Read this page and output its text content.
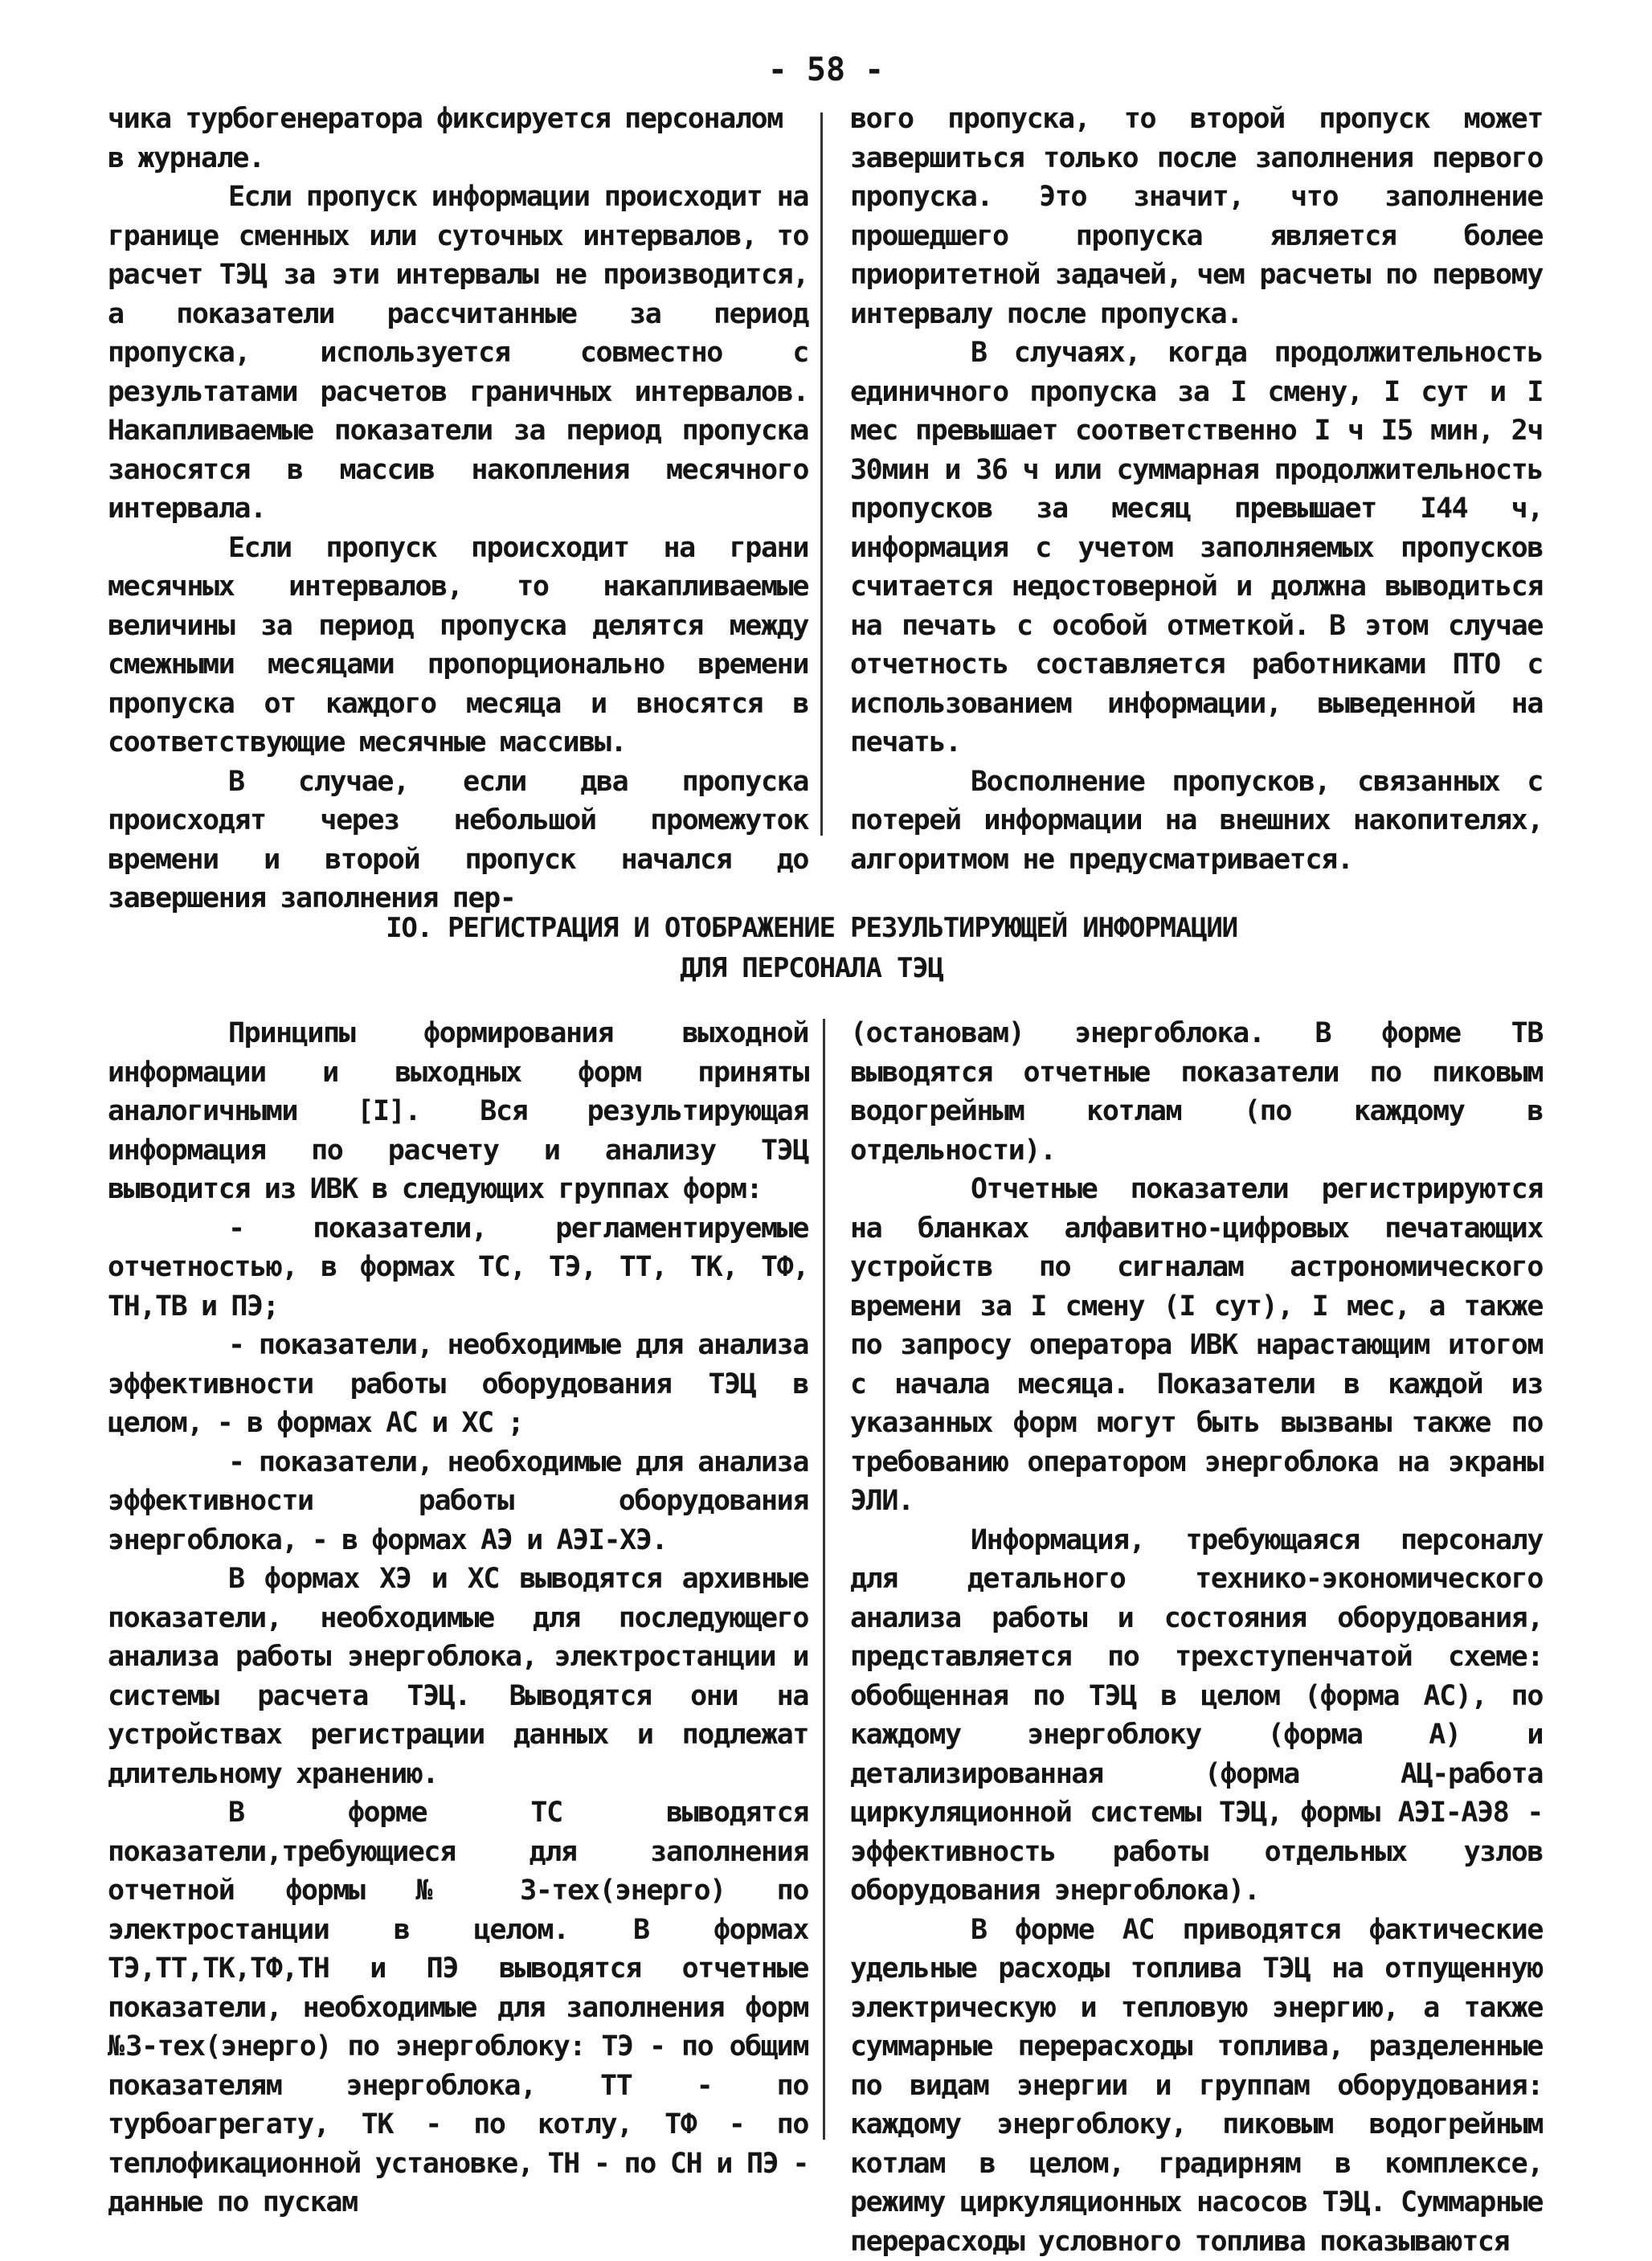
- 58 -

чика турбогенератора фиксируется персоналом в журнале.

Если пропуск информации происходит на границе сменных или суточных интервалов, то расчет ТЭЦ за эти интервалы не производится, а показатели рассчитанные за период пропуска, используется совместно с результатами расчетов граничных интервалов. Накапливаемые показатели за период пропуска заносятся в массив накопления месячного интервала.

Если пропуск происходит на грани месячных интервалов, то накапливаемые величины за период пропуска делятся между смежными месяцами пропорционально времени пропуска от каждого месяца и вносятся в соответствующие месячные массивы.

В случае, если два пропуска происходят через небольшой промежуток времени и второй пропуск начался до завершения заполнения пер-

вого пропуска, то второй пропуск может завершиться только после заполнения первого пропуска. Это значит, что заполнение прошедшего пропуска является более приоритетной задачей, чем расчеты по первому интервалу после пропуска.

В случаях, когда продолжительность единичного пропуска за I смену, I сут и I мес превышает соответственно I ч I5 мин, 2ч 30мин и 36 ч или суммарная продолжительность пропусков за месяц превышает I44 ч, информация с учетом заполняемых пропусков считается недостоверной и должна выводиться на печать с особой отметкой. В этом случае отчетность составляется работниками ПТО с использованием информации, выведенной на печать.

Восполнение пропусков, связанных с потерей информации на внешних накопителях, алгоритмом не предусматривается.

IO. РЕГИСТРАЦИЯ И ОТОБРАЖЕНИЕ РЕЗУЛЬТИРУЮЩЕЙ ИНФОРМАЦИИ
ДЛЯ ПЕРСОНАЛА ТЭЦ

Принципы формирования выходной информации и выходных форм приняты аналогичными [I]. Вся результирующая информация по расчету и анализу ТЭЦ выводится из ИВК в следующих группах форм:

- показатели, регламентируемые отчетностью, в формах ТС, ТЭ, ТТ, ТК, ТФ, ТН,ТВ и ПЭ;

- показатели, необходимые для анализа эффективности работы оборудования ТЭЦ в целом, - в формах АС и ХС ;

- показатели, необходимые для анализа эффективности работы оборудования энергоблока, - в формах АЭ и АЭI-ХЭ.

В формах ХЭ и ХС выводятся архивные показатели, необходимые для последующего анализа работы энергоблока, электростанции и системы расчета ТЭЦ. Выводятся они на устройствах регистрации данных и подлежат длительному хранению.

В форме ТС выводятся показатели,требующиеся для заполнения отчетной формы № 3-тех(энерго) по электростанции в целом. В формах ТЭ,ТТ,ТК,ТФ,ТН и ПЭ выводятся отчетные показатели, необходимые для заполнения форм №3-тех(энерго) по энергоблоку: ТЭ - по общим показателям энергоблока, ТТ - по турбоагрегату, ТК - по котлу, ТФ - по теплофикационной установке, ТН - по СН и ПЭ - данные по пускам

(остановам) энергоблока. В форме ТВ выводятся отчетные показатели по пиковым водогрейным котлам (по каждому в отдельности).

Отчетные показатели регистрируются на бланках алфавитно-цифровых печатающих устройств по сигналам астрономического времени за I смену (I сут), I мес, а также по запросу оператора ИВК нарастающим итогом с начала месяца. Показатели в каждой из указанных форм могут быть вызваны также по требованию оператором энергоблока на экраны ЭЛИ.

Информация, требующаяся персоналу для детального технико-экономического анализа работы и состояния оборудования, представляется по трехступенчатой схеме: обобщенная по ТЭЦ в целом (форма АС), по каждому энергоблоку (форма А) и детализированная (форма АЦ-работа циркуляционной системы ТЭЦ, формы АЭI-АЭ8 - эффективность работы отдельных узлов оборудования энергоблока).

В форме АС приводятся фактические удельные расходы топлива ТЭЦ на отпущенную электрическую и тепловую энергию, а также суммарные перерасходы топлива, разделенные по видам энергии и группам оборудования: каждому энергоблоку, пиковым водогрейным котлам в целом, градирням в комплексе, режиму циркуляционных насосов ТЭЦ. Суммарные перерасходы условного топлива показываются
